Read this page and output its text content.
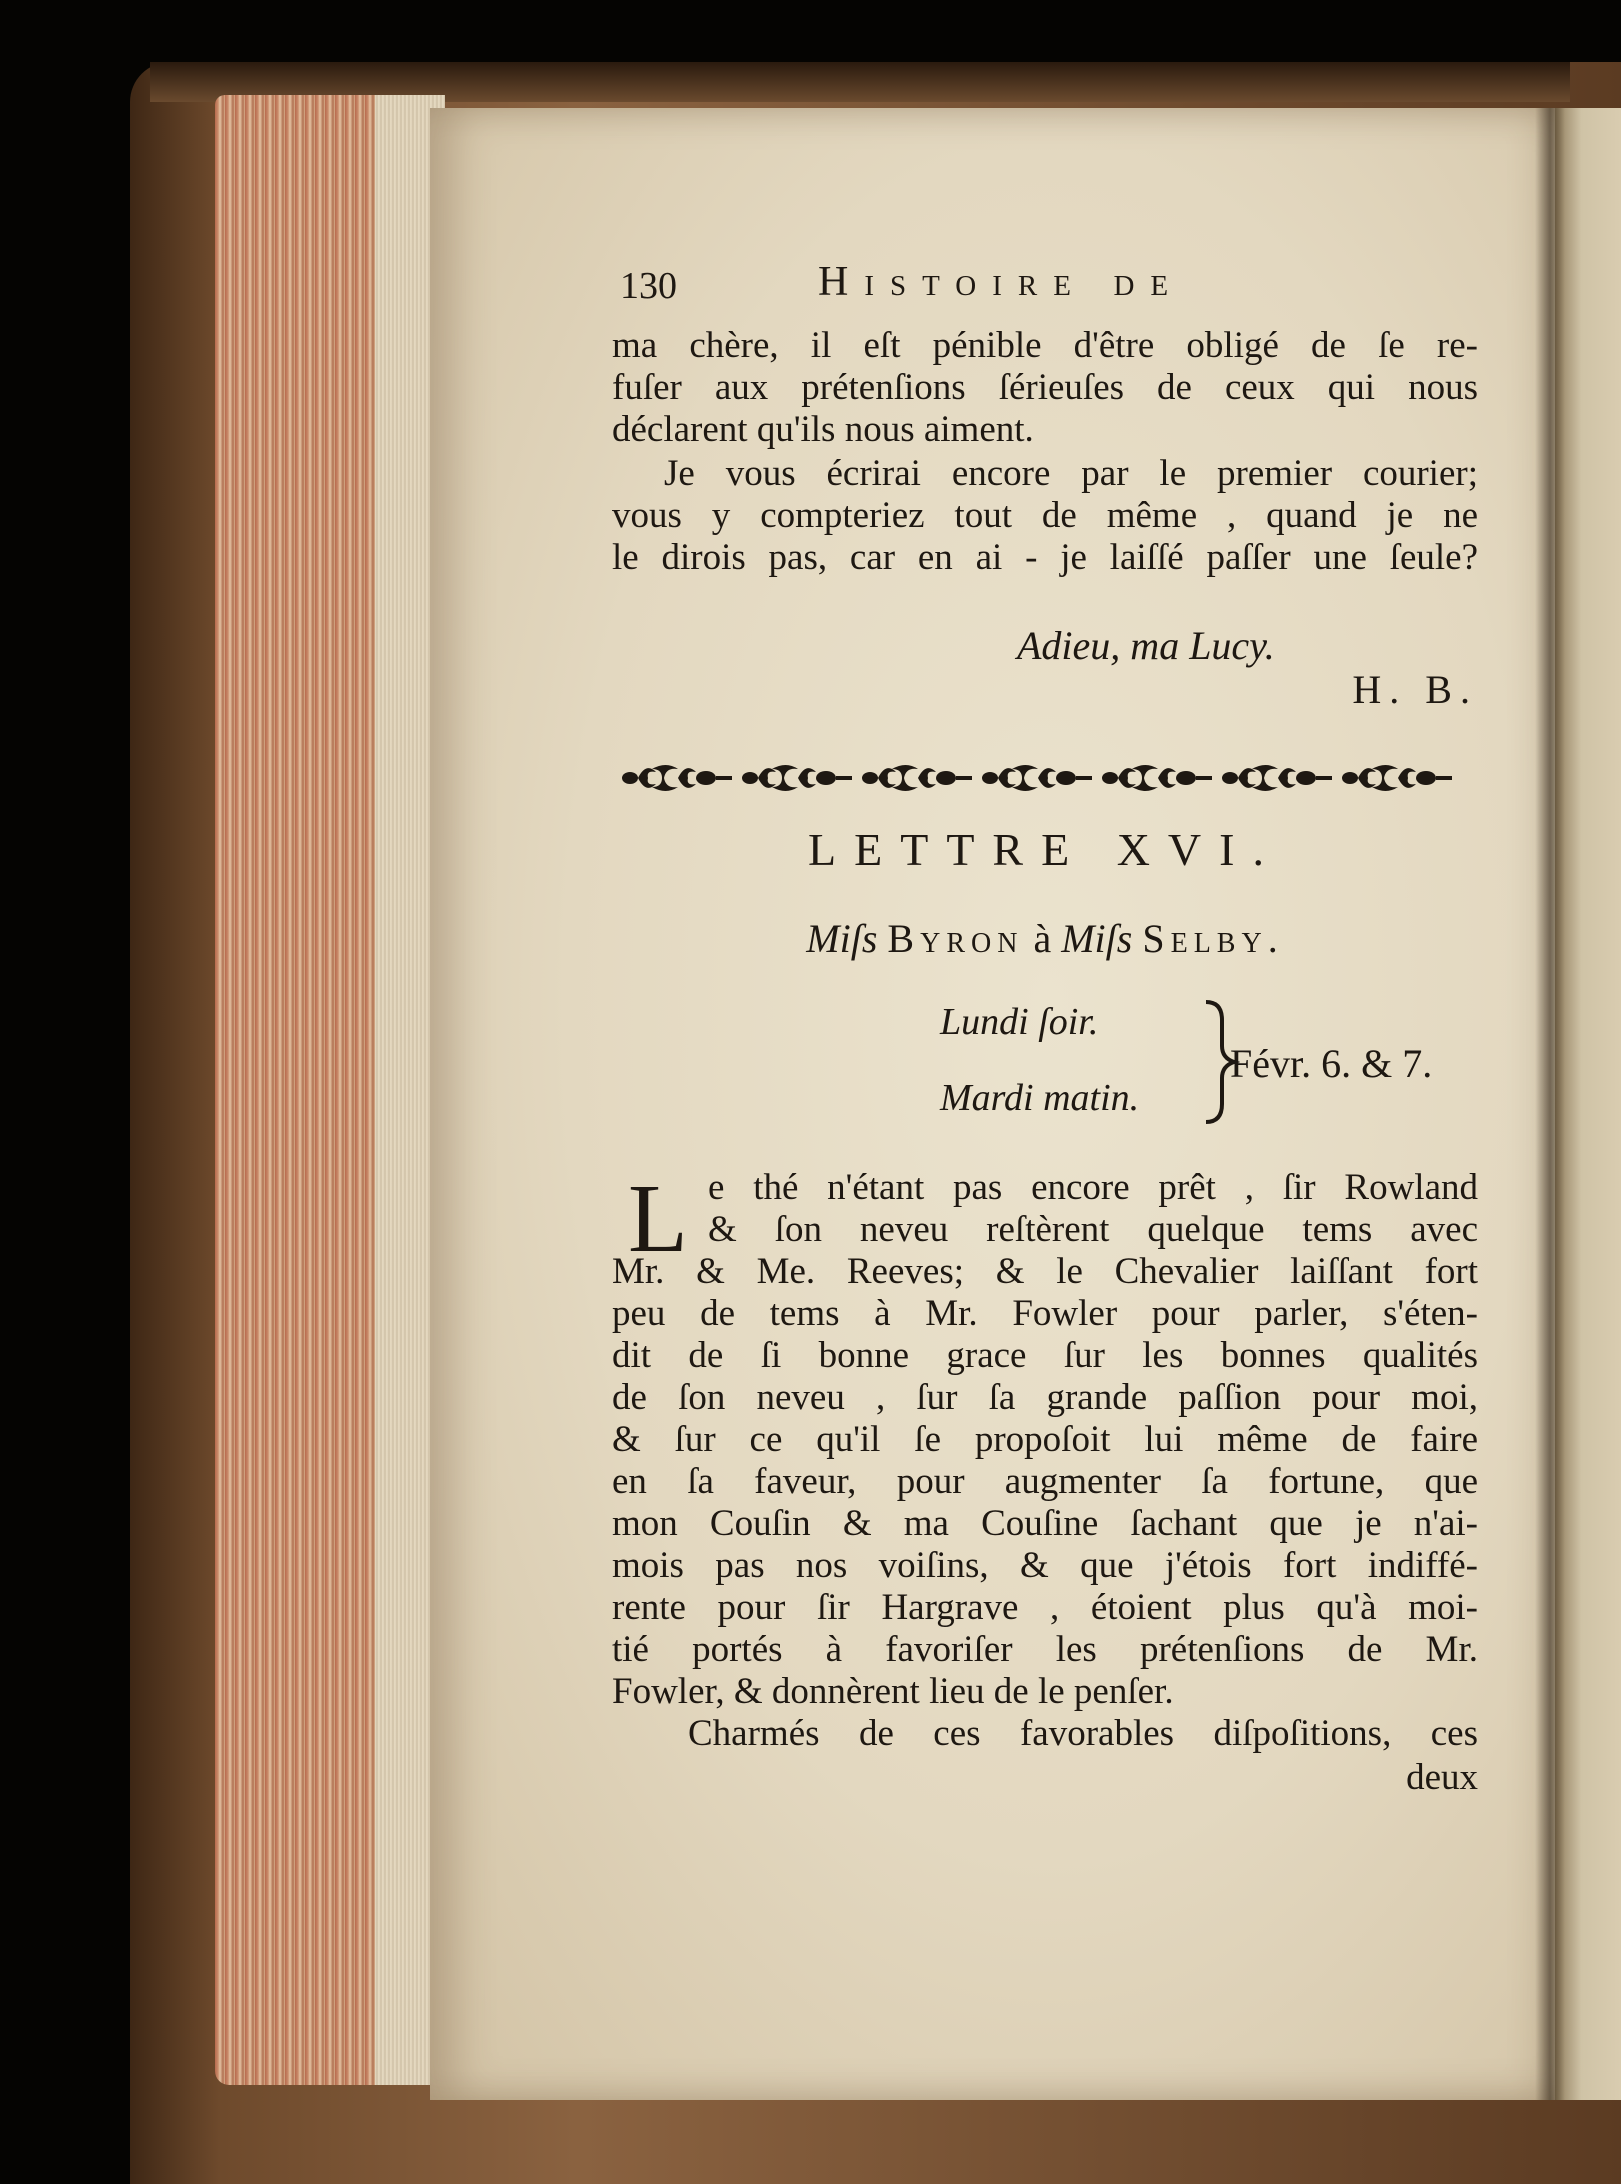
130	Histoire de
ma chère, il eſt pénible d'être obligé de ſe re-
fuſer aux prétenſions ſérieuſes de ceux qui nous
déclarent qu'ils nous aiment.
Je vous écrirai encore par le premier courier;
vous y compteriez tout de même , quand je ne
le dirois pas, car en ai - je laiſſé paſſer une ſeule?
Adieu, ma Lucy.
H. B.
LETTRE XVI.
Miſs Byron à Miſs Selby.
Lundi ſoir.
Mardi matin.
Févr. 6. & 7.
L e thé n'étant pas encore prêt , ſir Rowland
& ſon neveu reſtèrent quelque tems avec
Mr. & Me. Reeves; & le Chevalier laiſſant fort
peu de tems à Mr. Fowler pour parler, s'éten-
dit de ſi bonne grace ſur les bonnes qualités
de ſon neveu , ſur ſa grande paſſion pour moi,
& ſur ce qu'il ſe propoſoit lui même de faire
en ſa faveur, pour augmenter ſa fortune, que
mon Couſin & ma Couſine ſachant que je n'ai-
mois pas nos voiſins, & que j'étois fort indiffé-
rente pour ſir Hargrave , étoient plus qu'à moi-
tié portés à favoriſer les prétenſions de Mr.
Fowler, & donnèrent lieu de le penſer.
Charmés de ces favorables diſpoſitions, ces
deux
